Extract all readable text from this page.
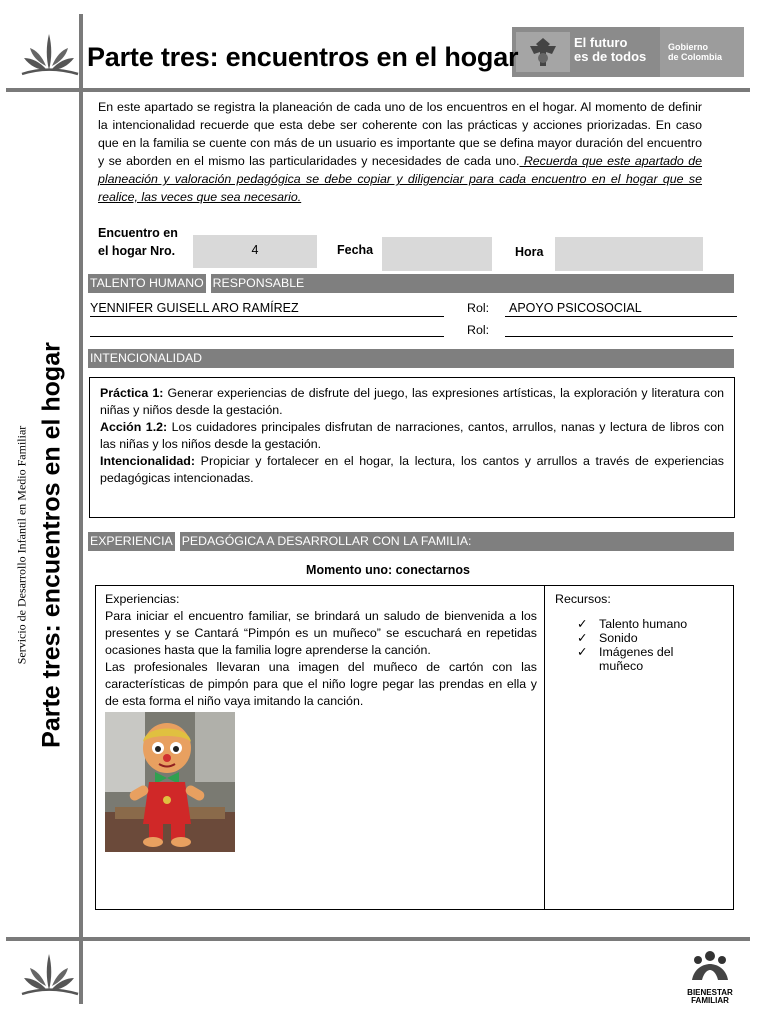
El futuro
es de todos
Gobierno
de Colombia
Parte tres: encuentros en el hogar
Parte tres: encuentros en el hogar
Servicio de Desarrollo Infantil en Medio Familiar
En este apartado se registra la planeación de cada uno de los encuentros en el hogar. Al momento de definir la intencionalidad recuerde que esta debe ser coherente con las prácticas y acciones priorizadas. En caso que en la familia se cuente con más de un usuario es importante que se defina mayor duración del encuentro y se aborden en el mismo las particularidades y necesidades de cada uno. Recuerda que este apartado de planeación y valoración pedagógica se debe copiar y diligenciar para cada encuentro en el hogar que se realice, las veces que sea necesario.
Encuentro en
el hogar Nro.	4	Fecha	Hora
TALENTO HUMANO RESPONSABLE
YENNIFER GUISELL ARO RAMÍREZ	Rol:	APOYO PSICOSOCIAL
Rol:
INTENCIONALIDAD
Práctica 1: Generar experiencias de disfrute del juego, las expresiones artísticas, la exploración y literatura con niñas y niños desde la gestación.
Acción 1.2: Los cuidadores principales disfrutan de narraciones, cantos, arrullos, nanas y lectura de libros con las niñas y los niños desde la gestación.
Intencionalidad: Propiciar y fortalecer en el hogar, la lectura, los cantos y arrullos a través de experiencias pedagógicas intencionadas.
EXPERIENCIA PEDAGÓGICA A DESARROLLAR CON LA FAMILIA:
Momento uno: conectarnos
Experiencias:
Para iniciar el encuentro familiar, se brindará un saludo de bienvenida a los presentes y se Cantará “Pimpón es un muñeco” se escuchará en repetidas ocasiones hasta que la familia logre aprenderse la canción.
Las profesionales llevaran una imagen del muñeco de cartón con las características de pimpón para que el niño logre pegar las prendas en ella y de esta forma el niño vaya imitando la canción.
Recursos:
✓ Talento humano
✓ Sonido
✓ Imágenes del muñeco
BIENESTAR
FAMILIAR
